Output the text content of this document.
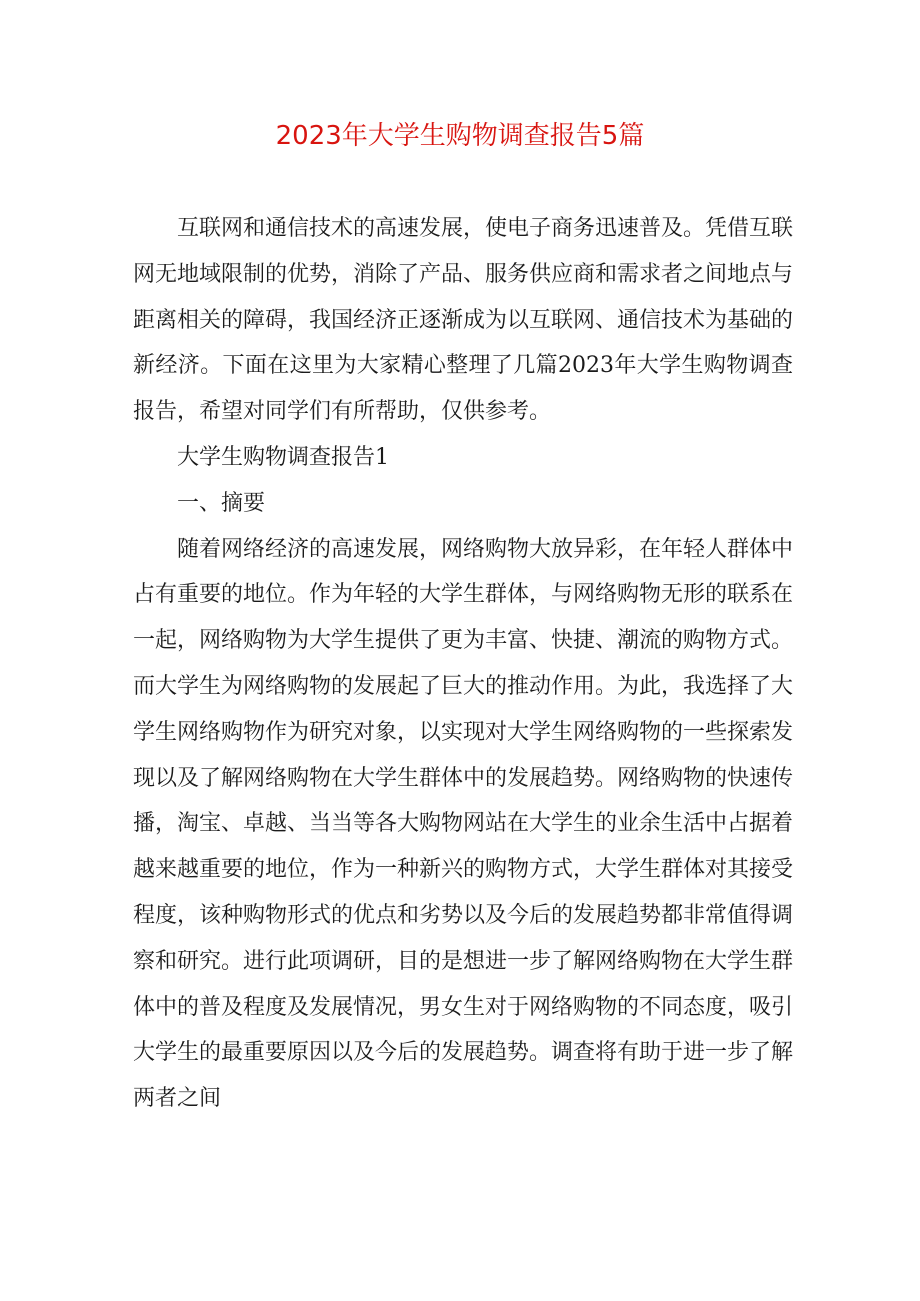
2023年大学生购物调查报告5篇

互联网和通信技术的高速发展，使电子商务迅速普及。凭借互联网无地域限制的优势，消除了产品、服务供应商和需求者之间地点与距离相关的障碍，我国经济正逐渐成为以互联网、通信技术为基础的新经济。下面在这里为大家精心整理了几篇2023年大学生购物调查报告，希望对同学们有所帮助，仅供参考。

大学生购物调查报告1

一、摘要

随着网络经济的高速发展，网络购物大放异彩，在年轻人群体中占有重要的地位。作为年轻的大学生群体，与网络购物无形的联系在一起，网络购物为大学生提供了更为丰富、快捷、潮流的购物方式。而大学生为网络购物的发展起了巨大的推动作用。为此，我选择了大学生网络购物作为研究对象，以实现对大学生网络购物的一些探索发现以及了解网络购物在大学生群体中的发展趋势。网络购物的快速传播，淘宝、卓越、当当等各大购物网站在大学生的业余生活中占据着越来越重要的地位，作为一种新兴的购物方式，大学生群体对其接受程度，该种购物形式的优点和劣势以及今后的发展趋势都非常值得调察和研究。进行此项调研，目的是想进一步了解网络购物在大学生群体中的普及程度及发展情况，男女生对于网络购物的不同态度，吸引大学生的最重要原因以及今后的发展趋势。调查将有助于进一步了解两者之间
